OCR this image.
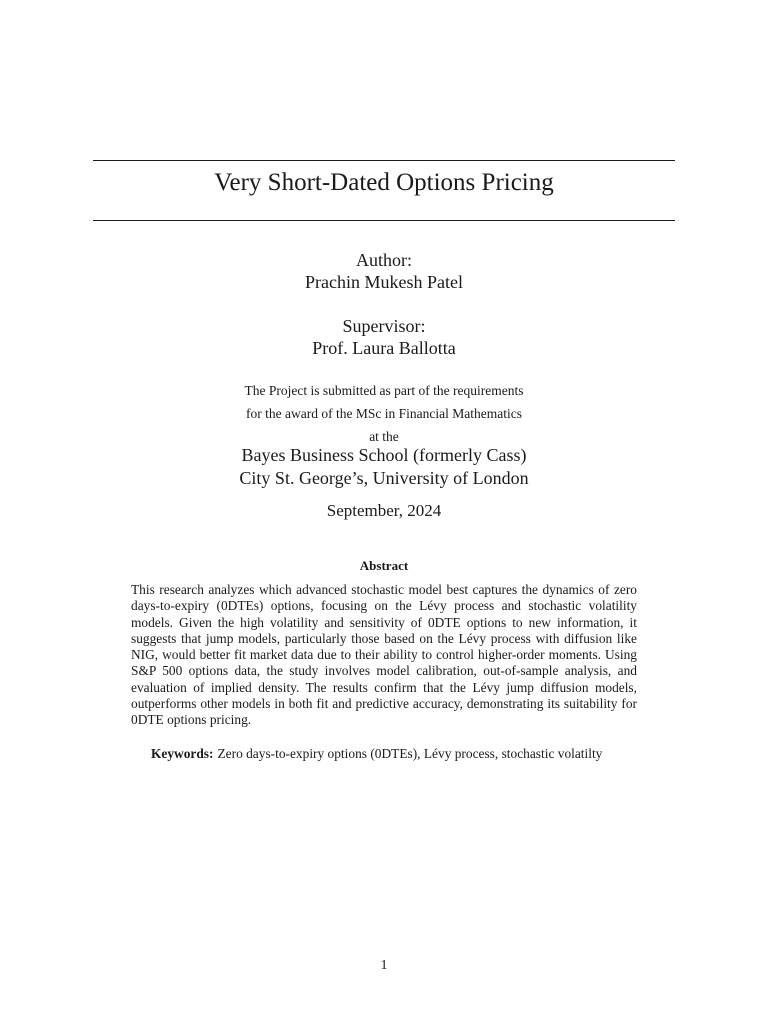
Very Short-Dated Options Pricing
Author:
Prachin Mukesh Patel
Supervisor:
Prof. Laura Ballotta
The Project is submitted as part of the requirements
for the award of the MSc in Financial Mathematics
at the
Bayes Business School (formerly Cass)
City St. George’s, University of London
September, 2024
Abstract
This research analyzes which advanced stochastic model best captures the dynamics of zero days-to-expiry (0DTEs) options, focusing on the Lévy process and stochastic volatility models. Given the high volatility and sensitivity of 0DTE options to new information, it suggests that jump models, particularly those based on the Lévy process with diffusion like NIG, would better fit market data due to their ability to control higher-order moments. Using S&P 500 options data, the study involves model calibration, out-of-sample analysis, and evaluation of implied density. The results confirm that the Lévy jump diffusion models, outperforms other models in both fit and predictive accuracy, demonstrating its suitability for 0DTE options pricing.
Keywords: Zero days-to-expiry options (0DTEs), Lévy process, stochastic volatilty
1
